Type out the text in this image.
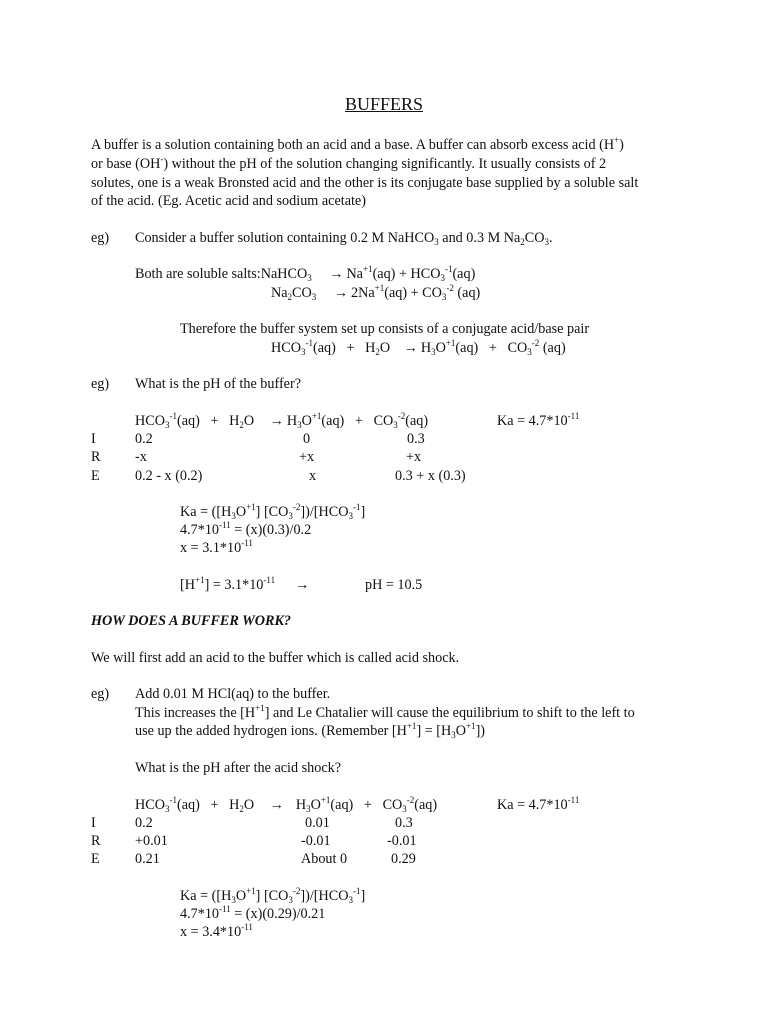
BUFFERS
A buffer is a solution containing both an acid and a base. A buffer can absorb excess acid (H+)
or base (OH-) without the pH of the solution changing significantly. It usually consists of 2
solutes, one is a weak Bronsted acid and the other is its conjugate base supplied by a soluble salt
of the acid. (Eg. Acetic acid and sodium acetate)
eg) Consider a buffer solution containing 0.2 M NaHCO$_3$ and 0.3 M $Na_2CO_3$.
Both are soluble salts:NaHCO$_3$ → $Na^{+1}(aq) + HCO_3^{-1}(aq)$
$Na_2CO_3 \to 2Na^{+1}(aq) + CO_3^{-2}$ (aq)
Therefore the buffer system set up consists of a conjugate acid/base pair
$HCO_3^{-1}(aq) + H_2O \to H_3O^{+1}(aq) + CO_3^{-2}$ (aq)
eg) What is the pH of the buffer?
$HCO_3^{-1}(aq) + H_2O \to H_3O^{+1}(aq) + CO_3^{-2}(aq)$	$Ka = 4.7*10^{-11}$
I	0.2	0	0.3
R -x	+x	+x
E 0.2 - x (0.2)	x	0.3 + x (0.3)
$Ka = ([H_3O^{+1}]$ $[CO_3^{-2}])/[HCO_3^{-1}]$
$4.7*10^{-11} = (x)(0.3)/0.2$
$x = 3.1*10^{-11}$
$[H^{+1}] = 3.1*10^{-11}$ →	pH = 10.5
HOW DOES A BUFFER WORK?
We will first add an acid to the buffer which is called acid shock.
eg) Add 0.01 M HCl(aq) to the buffer.
This increases the $[H^{+1}]$ and Le Chatalier will cause the equilibrium to shift to the left to
use up the added hydrogen ions. (Remember $[H^{+1}] = [H_3O^{+1}]$)
What is the pH after the acid shock?
$HCO_3^{-1}(aq) + H_2O \to H_3O^{+1}(aq) + CO_3^{-2}(aq)$	$Ka = 4.7*10^{-11}$
I	0.2	0.01	0.3
R +0.01	-0.01	-0.01
E 0.21	About 0	0.29
$Ka = ([H_3O^{+1}]$ $[CO_3^{-2}])/[HCO_3^{-1}]$
$4.7*10^{-11} = (x)(0.29)/0.21$
$x = 3.4*10^{-11}$
